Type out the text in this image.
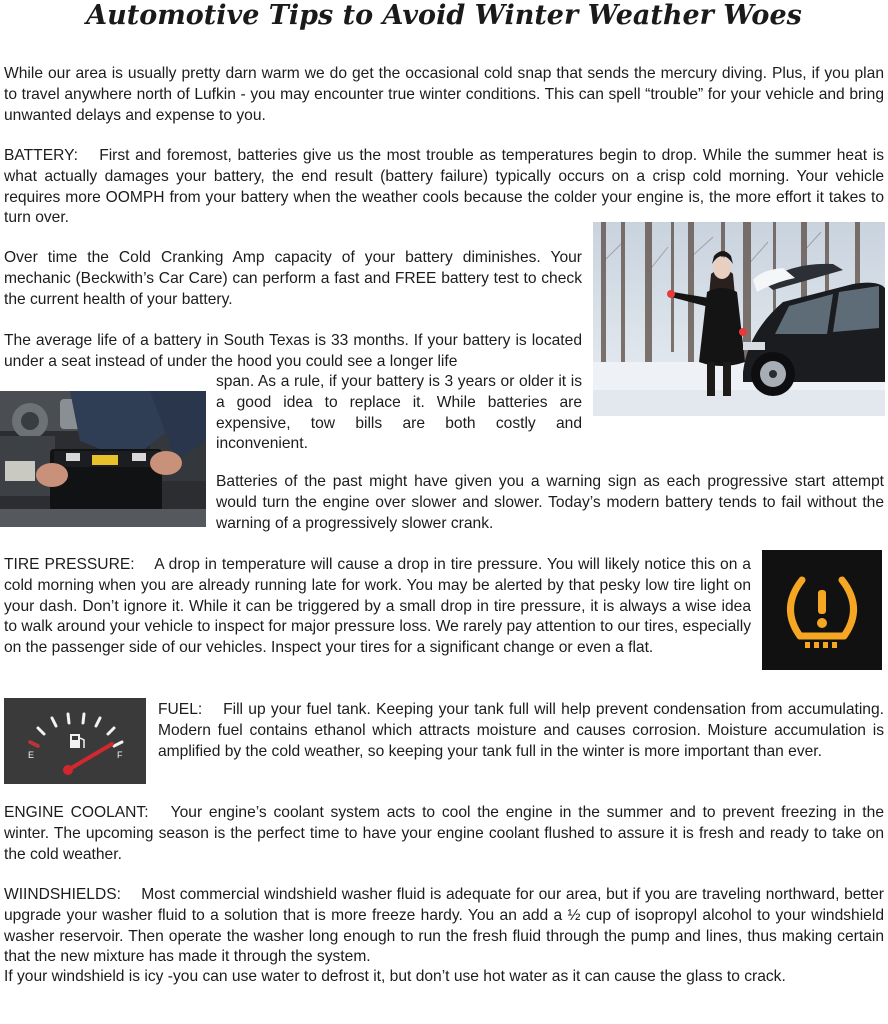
Automotive Tips to Avoid Winter Weather Woes

While our area is usually pretty darn warm we do get the occasional cold snap that sends the mercury diving. Plus, if you plan to travel anywhere north of Lufkin - you may encounter true winter conditions. This can spell “trouble” for your vehicle and bring unwanted delays and expense to you.

BATTERY:  First and foremost, batteries give us the most trouble as temperatures begin to drop. While the summer heat is what actually damages your battery, the end result (battery failure) typically occurs on a crisp cold morning. Your vehicle requires more OOMPH from your battery when the weather cools because the colder your engine is, the more effort it takes to turn over.

Over time the Cold Cranking Amp capacity of your battery diminishes. Your mechanic (Beckwith’s Car Care) can perform a fast and FREE battery test to check the current health of your battery.

The average life of a battery in South Texas is 33 months. If your battery is located under a seat instead of under the hood you could see a longer life

span. As a rule, if your battery is 3 years or older it is a good idea to replace it. While batteries are expensive, tow bills are both costly and inconvenient.

Batteries of the past might have given you a warning sign as each progressive start attempt would turn the engine over slower and slower. Today’s modern battery tends to fail without the warning of a progressively slower crank.

TIRE PRESSURE:  A drop in temperature will cause a drop in tire pressure. You will likely notice this on a cold morning when you are already running late for work. You may be alerted by that pesky low tire light on your dash. Don’t ignore it. While it can be triggered by a small drop in tire pressure, it is always a wise idea to walk around your vehicle to inspect for major pressure loss. We rarely pay attention to our tires, especially on the passenger side of our vehicles. Inspect your tires for a significant change or even a flat.

FUEL:  Fill up your fuel tank. Keeping your tank full will help prevent condensation from accumulating. Modern fuel contains ethanol which attracts moisture and causes corrosion. Moisture accumulation is amplified by the cold weather, so keeping your tank full in the winter is more important than ever.

ENGINE COOLANT:  Your engine’s coolant system acts to cool the engine in the summer and to prevent freezing in the winter. The upcoming season is the perfect time to have your engine coolant flushed to assure it is fresh and ready to take on the cold weather.

WIINDSHIELDS:  Most commercial windshield washer fluid is adequate for our area, but if you are traveling northward, better upgrade your washer fluid to a solution that is more freeze hardy. You an add a ½ cup of isopropyl alcohol to your windshield washer reservoir. Then operate the washer long enough to run the fresh fluid through the pump and lines, thus making certain that the new mixture has made it through the system.

If your windshield is icy -you can use water to defrost it, but don’t use hot water as it can cause the glass to crack.

E	F
